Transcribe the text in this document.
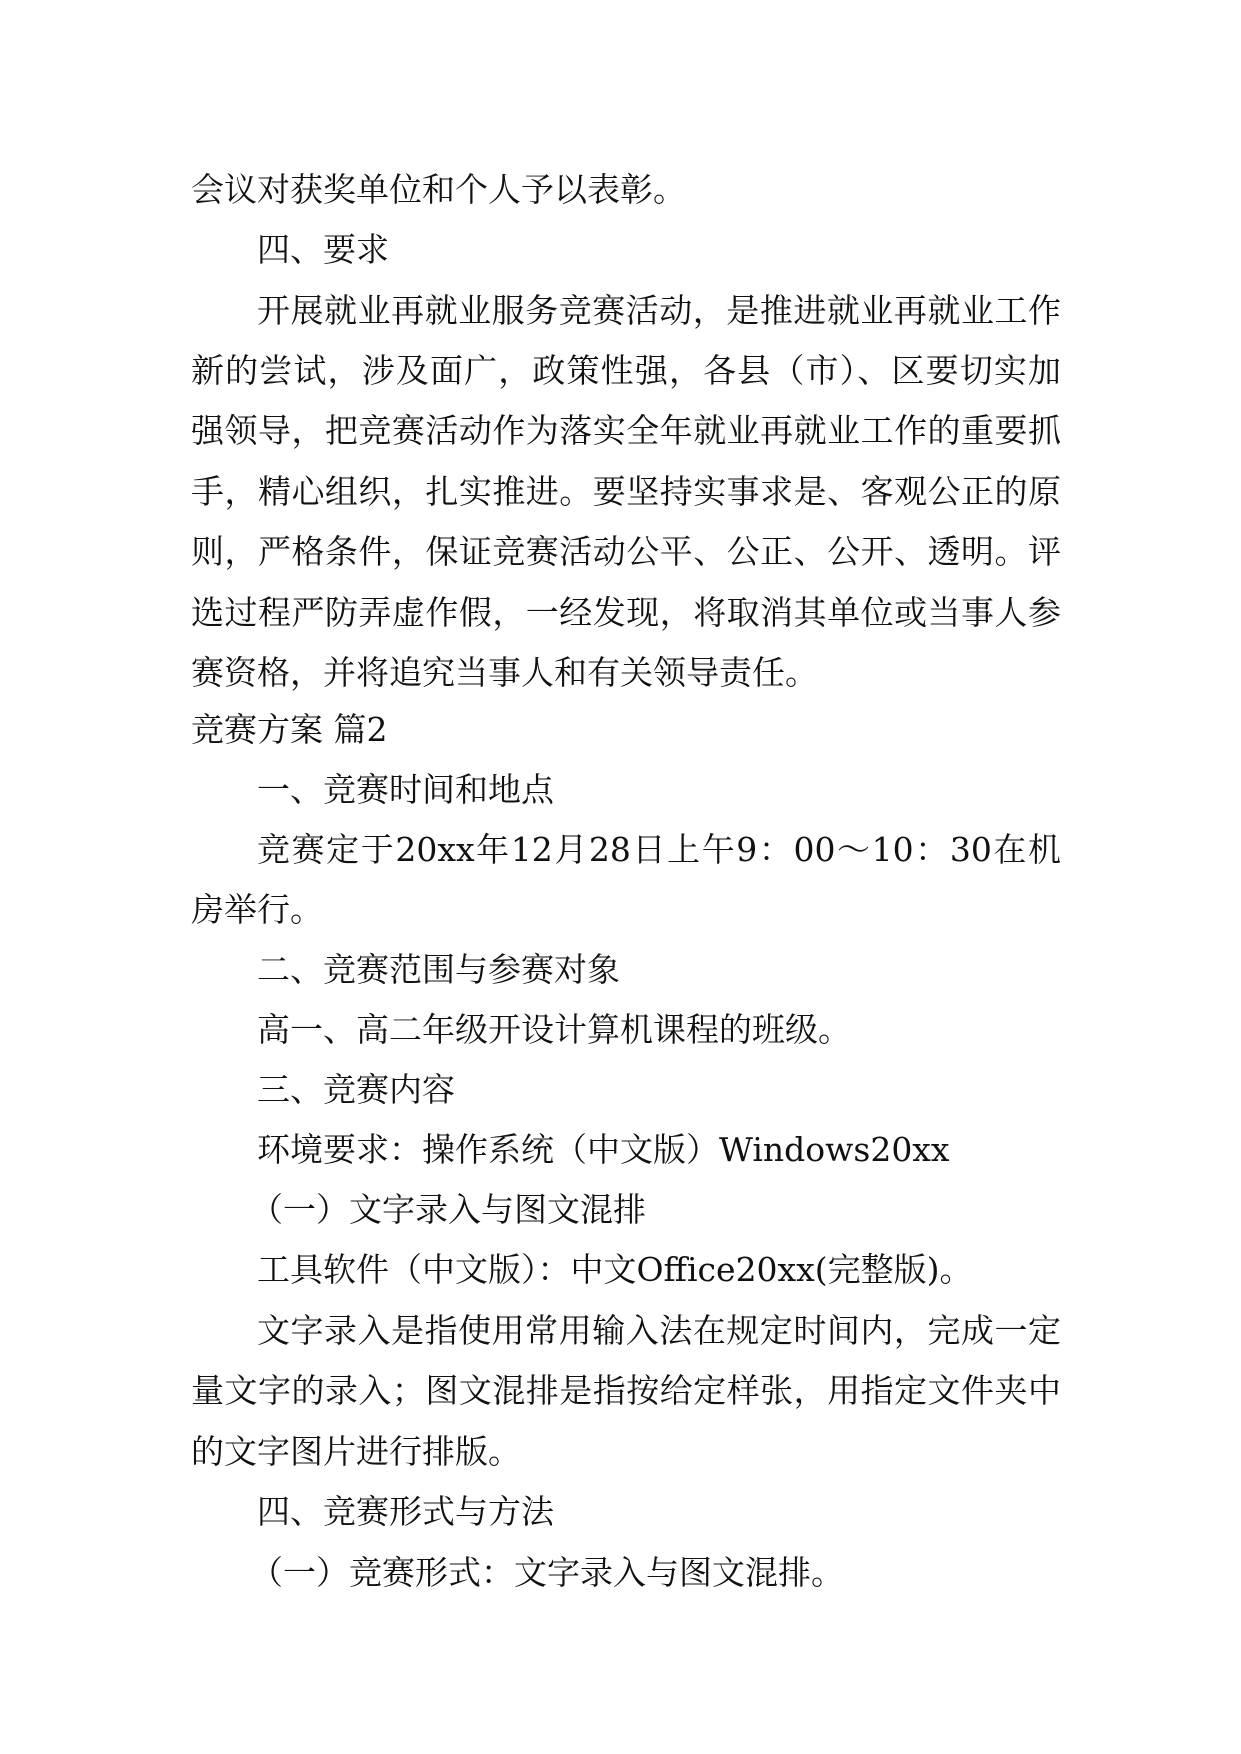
会议对获奖单位和个人予以表彰。
四、要求
开展就业再就业服务竞赛活动，是推进就业再就业工作
新的尝试，涉及面广，政策性强，各县（市）、区要切实加
强领导，把竞赛活动作为落实全年就业再就业工作的重要抓
手，精心组织，扎实推进。要坚持实事求是、客观公正的原
则，严格条件，保证竞赛活动公平、公正、公开、透明。评
选过程严防弄虚作假，一经发现，将取消其单位或当事人参
赛资格，并将追究当事人和有关领导责任。
竞赛方案 篇2
一、竞赛时间和地点
竞赛定于20xx年12月28日上午9：00～10：30在机
房举行。
二、竞赛范围与参赛对象
高一、高二年级开设计算机课程的班级。
三、竞赛内容
环境要求：操作系统（中文版）Windows20xx
（一）文字录入与图文混排
工具软件（中文版）：中文Office20xx(完整版)。
文字录入是指使用常用输入法在规定时间内，完成一定
量文字的录入；图文混排是指按给定样张，用指定文件夹中
的文字图片进行排版。
四、竞赛形式与方法
（一）竞赛形式：文字录入与图文混排。
